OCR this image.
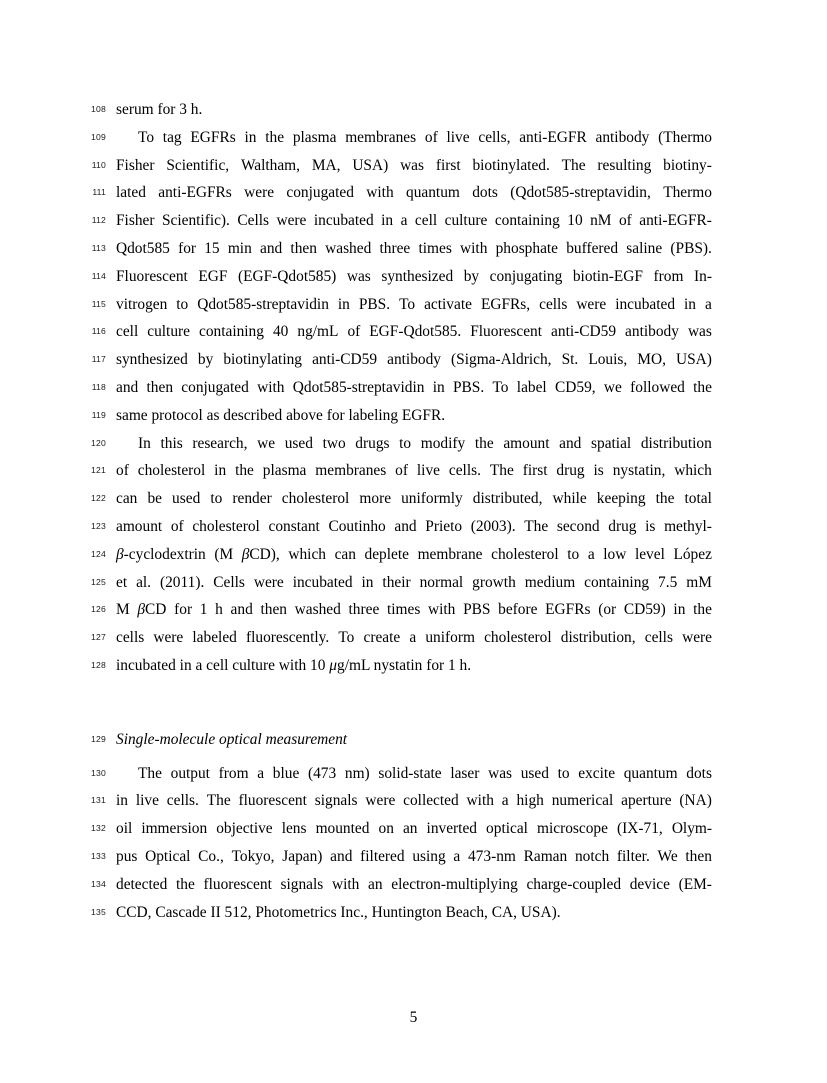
108 serum for 3 h.
109 To tag EGFRs in the plasma membranes of live cells, anti-EGFR antibody (Thermo
110 Fisher Scientific, Waltham, MA, USA) was first biotinylated. The resulting biotiny-
111 lated anti-EGFRs were conjugated with quantum dots (Qdot585-streptavidin, Thermo
112 Fisher Scientific). Cells were incubated in a cell culture containing 10 nM of anti-EGFR-
113 Qdot585 for 15 min and then washed three times with phosphate buffered saline (PBS).
114 Fluorescent EGF (EGF-Qdot585) was synthesized by conjugating biotin-EGF from In-
115 vitrogen to Qdot585-streptavidin in PBS. To activate EGFRs, cells were incubated in a
116 cell culture containing 40 ng/mL of EGF-Qdot585. Fluorescent anti-CD59 antibody was
117 synthesized by biotinylating anti-CD59 antibody (Sigma-Aldrich, St. Louis, MO, USA)
118 and then conjugated with Qdot585-streptavidin in PBS. To label CD59, we followed the
119 same protocol as described above for labeling EGFR.
120 In this research, we used two drugs to modify the amount and spatial distribution
121 of cholesterol in the plasma membranes of live cells. The first drug is nystatin, which
122 can be used to render cholesterol more uniformly distributed, while keeping the total
123 amount of cholesterol constant Coutinho and Prieto (2003). The second drug is methyl-
124 β-cyclodextrin (M βCD), which can deplete membrane cholesterol to a low level López
125 et al. (2011). Cells were incubated in their normal growth medium containing 7.5 mM
126 M βCD for 1 h and then washed three times with PBS before EGFRs (or CD59) in the
127 cells were labeled fluorescently. To create a uniform cholesterol distribution, cells were
128 incubated in a cell culture with 10 μg/mL nystatin for 1 h.
129 Single-molecule optical measurement
130 The output from a blue (473 nm) solid-state laser was used to excite quantum dots
131 in live cells. The fluorescent signals were collected with a high numerical aperture (NA)
132 oil immersion objective lens mounted on an inverted optical microscope (IX-71, Olym-
133 pus Optical Co., Tokyo, Japan) and filtered using a 473-nm Raman notch filter. We then
134 detected the fluorescent signals with an electron-multiplying charge-coupled device (EM-
135 CCD, Cascade II 512, Photometrics Inc., Huntington Beach, CA, USA).
5
